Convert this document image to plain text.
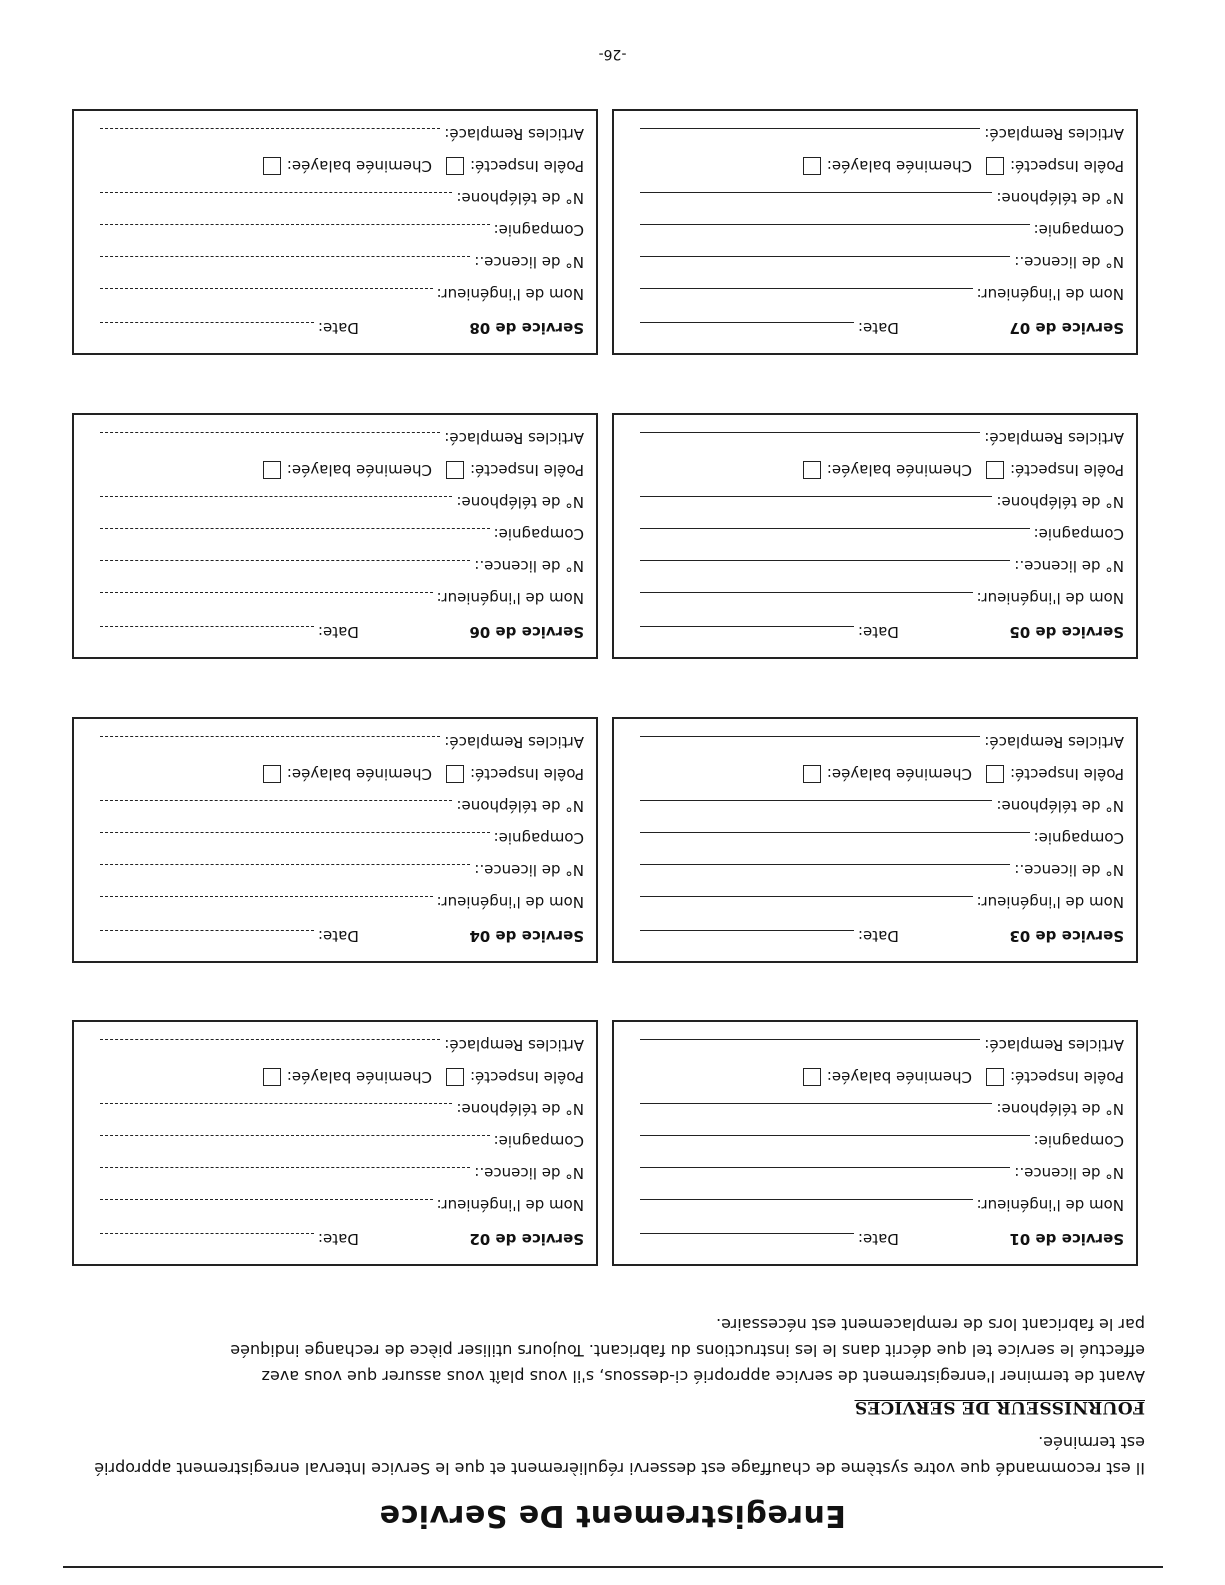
Enregistrement De Service

Il est recommandé que votre système de chauffage est desservi régulièrement et que le Service Interval enregistrement approprié est terminée.

FOURNISSEUR DE SERVICES

Avant de terminer l'enregistrement de service approprié ci-dessous, s'il vous plaît vous assurer que vous avez

effectué le service tel que décrit dans le les instructions du fabricant. Toujours utiliser pièce de rechange indiquée

par le fabricant lors de remplacement est nécessaire.

Service de 01
Date:
Nom de l'ingénieur:
N° de licence.:
Compagnie:
N° de téléphone:
Poêle Inspecté:
Cheminée balayée:
Articles Remplacé:
Service de 02
Date:
Nom de l'ingénieur:
N° de licence.:
Compagnie:
N° de téléphone:
Poêle Inspecté:
Cheminée balayée:
Articles Remplacé:
Service de 03
Date:
Nom de l'ingénieur:
N° de licence.:
Compagnie:
N° de téléphone:
Poêle Inspecté:
Cheminée balayée:
Articles Remplacé:
Service de 04
Date:
Nom de l'ingénieur:
N° de licence.:
Compagnie:
N° de téléphone:
Poêle Inspecté:
Cheminée balayée:
Articles Remplacé:
Service de 05
Date:
Nom de l'ingénieur:
N° de licence.:
Compagnie:
N° de téléphone:
Poêle Inspecté:
Cheminée balayée:
Articles Remplacé:
Service de 06
Date:
Nom de l'ingénieur:
N° de licence.:
Compagnie:
N° de téléphone:
Poêle Inspecté:
Cheminée balayée:
Articles Remplacé:
Service de 07
Date:
Nom de l'ingénieur:
N° de licence.:
Compagnie:
N° de téléphone:
Poêle Inspecté:
Cheminée balayée:
Articles Remplacé:
Service de 08
Date:
Nom de l'ingénieur:
N° de licence.:
Compagnie:
N° de téléphone:
Poêle Inspecté:
Cheminée balayée:
Articles Remplacé:
-26-
